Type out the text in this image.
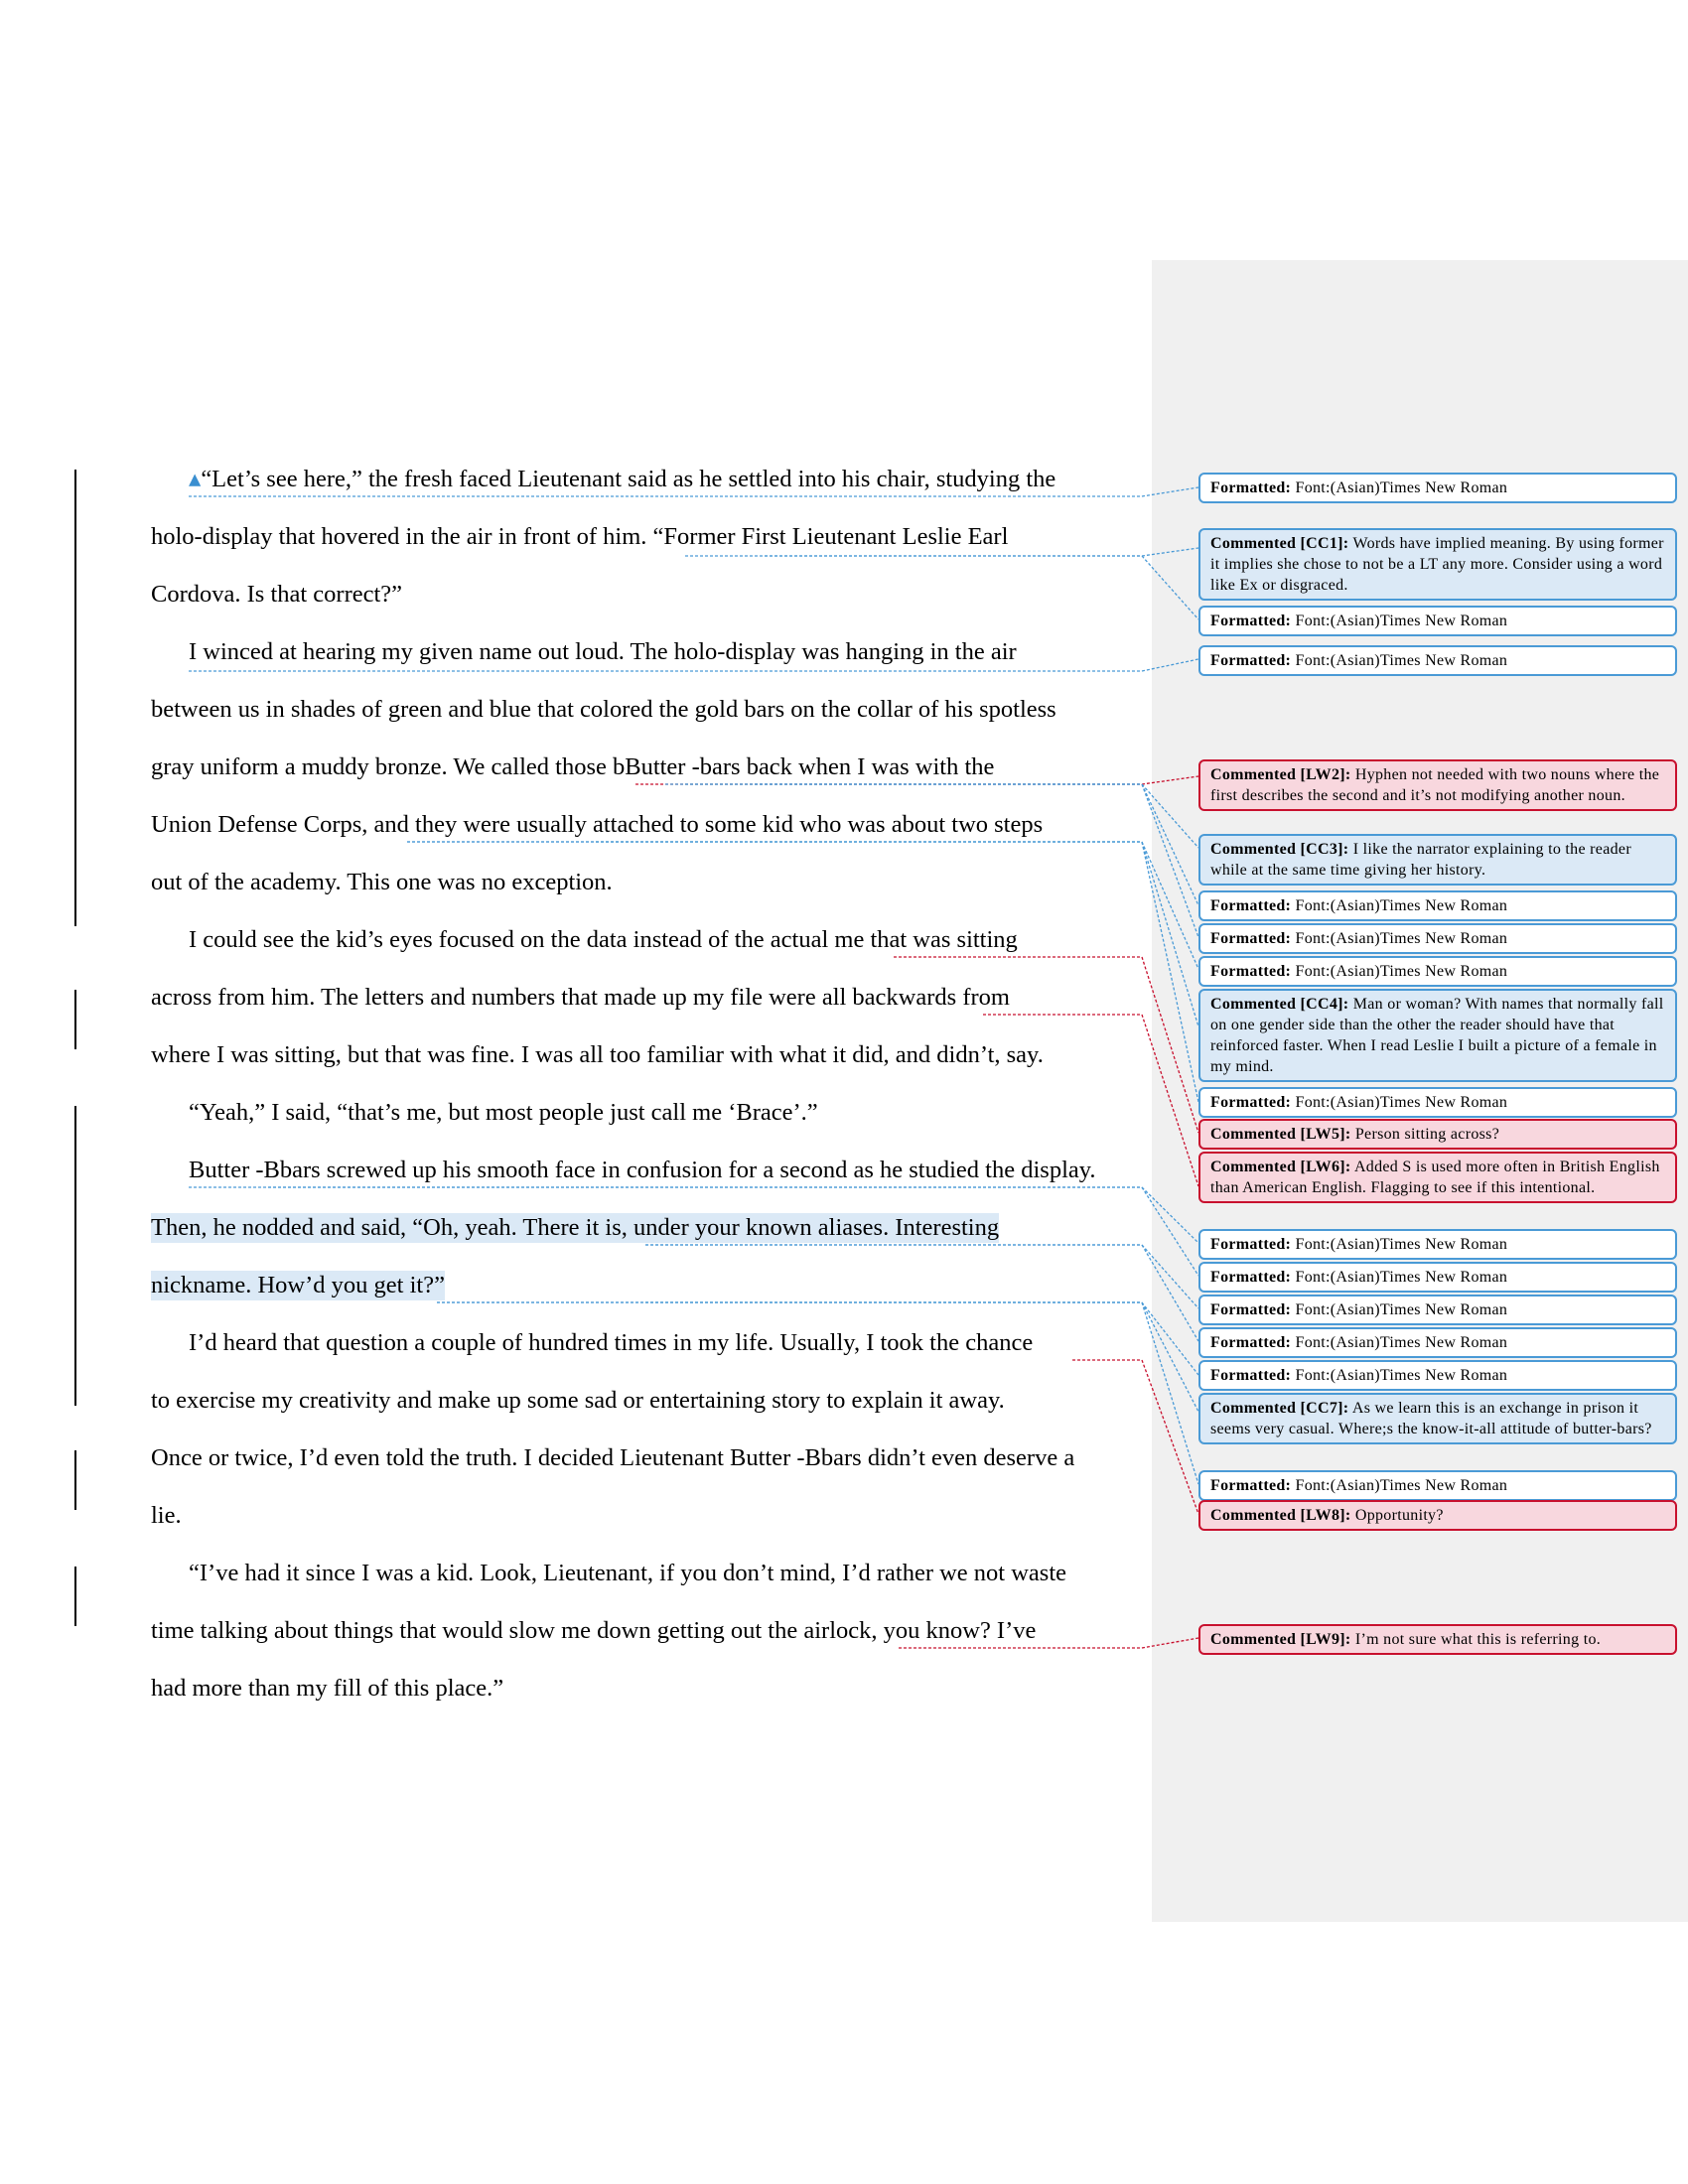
▴“Let’s see here,” the fresh faced Lieutenant said as he settled into his chair, studying the
holo-display that hovered in the air in front of him. “Former First Lieutenant Leslie Earl
Cordova. Is that correct?”
I winced at hearing my given name out loud. The holo-display was hanging in the air
between us in shades of green and blue that colored the gold bars on the collar of his spotless
gray uniform a muddy bronze. We called those bButter -bars back when I was with the
Union Defense Corps, and they were usually attached to some kid who was about two steps
out of the academy. This one was no exception.
I could see the kid’s eyes focused on the data instead of the actual me that was sitting
across from him. The letters and numbers that made up my file were all backwards from
where I was sitting, but that was fine. I was all too familiar with what it did, and didn’t, say.
“Yeah,” I said, “that’s me, but most people just call me ‘Brace’.”
Butter -Bbars screwed up his smooth face in confusion for a second as he studied the display.
Then, he nodded and said, “Oh, yeah. There it is, under your known aliases. Interesting
nickname. How’d you get it?”
I’d heard that question a couple of hundred times in my life. Usually, I took the chance
to exercise my creativity and make up some sad or entertaining story to explain it away.
Once or twice, I’d even told the truth. I decided Lieutenant Butter -Bbars didn’t even deserve a
lie.
“I’ve had it since I was a kid. Look, Lieutenant, if you don’t mind, I’d rather we not waste
time talking about things that would slow me down getting out the airlock, you know? I’ve
had more than my fill of this place.”
Formatted: Font:(Asian)Times New Roman
Commented [CC1]: Words have implied meaning. By using former it implies she chose to not be a LT any more. Consider using a word like Ex or disgraced.
Formatted: Font:(Asian)Times New Roman
Formatted: Font:(Asian)Times New Roman
Commented [LW2]: Hyphen not needed with two nouns where the first describes the second and it’s not modifying another noun.
Commented [CC3]: I like the narrator explaining to the reader while at the same time giving her history.
Formatted: Font:(Asian)Times New Roman
Formatted: Font:(Asian)Times New Roman
Formatted: Font:(Asian)Times New Roman
Commented [CC4]: Man or woman? With names that normally fall on one gender side than the other the reader should have that reinforced faster. When I read Leslie I built a picture of a female in my mind.
Formatted: Font:(Asian)Times New Roman
Commented [LW5]: Person sitting across?
Commented [LW6]: Added S is used more often in British English than American English. Flagging to see if this intentional.
Formatted: Font:(Asian)Times New Roman
Formatted: Font:(Asian)Times New Roman
Formatted: Font:(Asian)Times New Roman
Formatted: Font:(Asian)Times New Roman
Formatted: Font:(Asian)Times New Roman
Commented [CC7]: As we learn this is an exchange in prison it seems very casual. Where;s the know-it-all attitude of butter-bars?
Formatted: Font:(Asian)Times New Roman
Commented [LW8]: Opportunity?
Commented [LW9]: I’m not sure what this is referring to.
